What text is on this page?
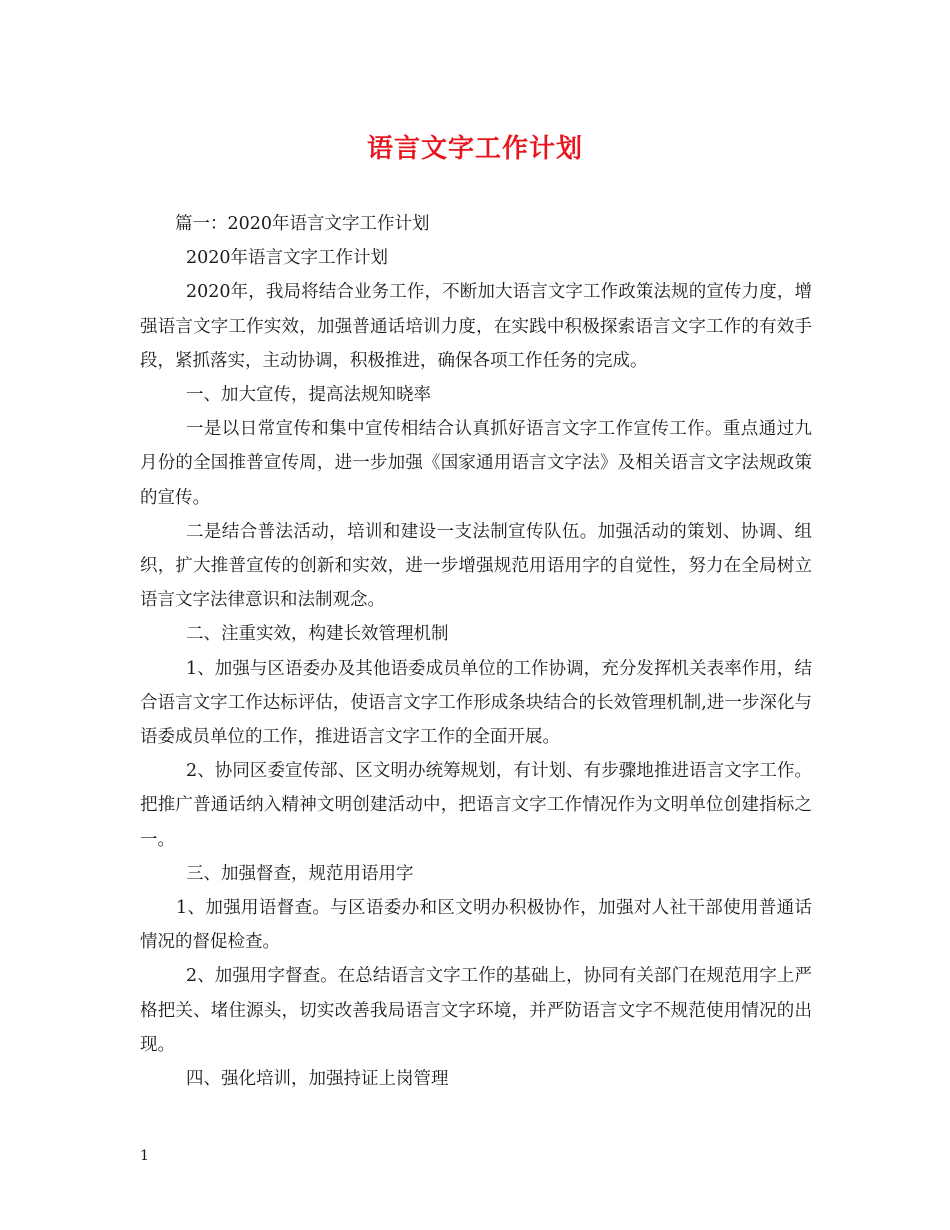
语言文字工作计划

篇一：2020年语言文字工作计划

2020年语言文字工作计划

2020年，我局将结合业务工作，不断加大语言文字工作政策法规的宣传力度，增强语言文字工作实效，加强普通话培训力度，在实践中积极探索语言文字工作的有效手段，紧抓落实，主动协调，积极推进，确保各项工作任务的完成。

一、加大宣传，提高法规知晓率

一是以日常宣传和集中宣传相结合认真抓好语言文字工作宣传工作。重点通过九月份的全国推普宣传周，进一步加强《国家通用语言文字法》及相关语言文字法规政策的宣传。

二是结合普法活动，培训和建设一支法制宣传队伍。加强活动的策划、协调、组织，扩大推普宣传的创新和实效，进一步增强规范用语用字的自觉性，努力在全局树立语言文字法律意识和法制观念。

二、注重实效，构建长效管理机制

1、加强与区语委办及其他语委成员单位的工作协调，充分发挥机关表率作用，结合语言文字工作达标评估，使语言文字工作形成条块结合的长效管理机制,进一步深化与语委成员单位的工作，推进语言文字工作的全面开展。

2、协同区委宣传部、区文明办统筹规划，有计划、有步骤地推进语言文字工作。把推广普通话纳入精神文明创建活动中，把语言文字工作情况作为文明单位创建指标之一。

三、加强督查，规范用语用字

1、加强用语督查。与区语委办和区文明办积极协作，加强对人社干部使用普通话情况的督促检查。

2、加强用字督查。在总结语言文字工作的基础上，协同有关部门在规范用字上严格把关、堵住源头，切实改善我局语言文字环境，并严防语言文字不规范使用情况的出现。

四、强化培训，加强持证上岗管理

1
